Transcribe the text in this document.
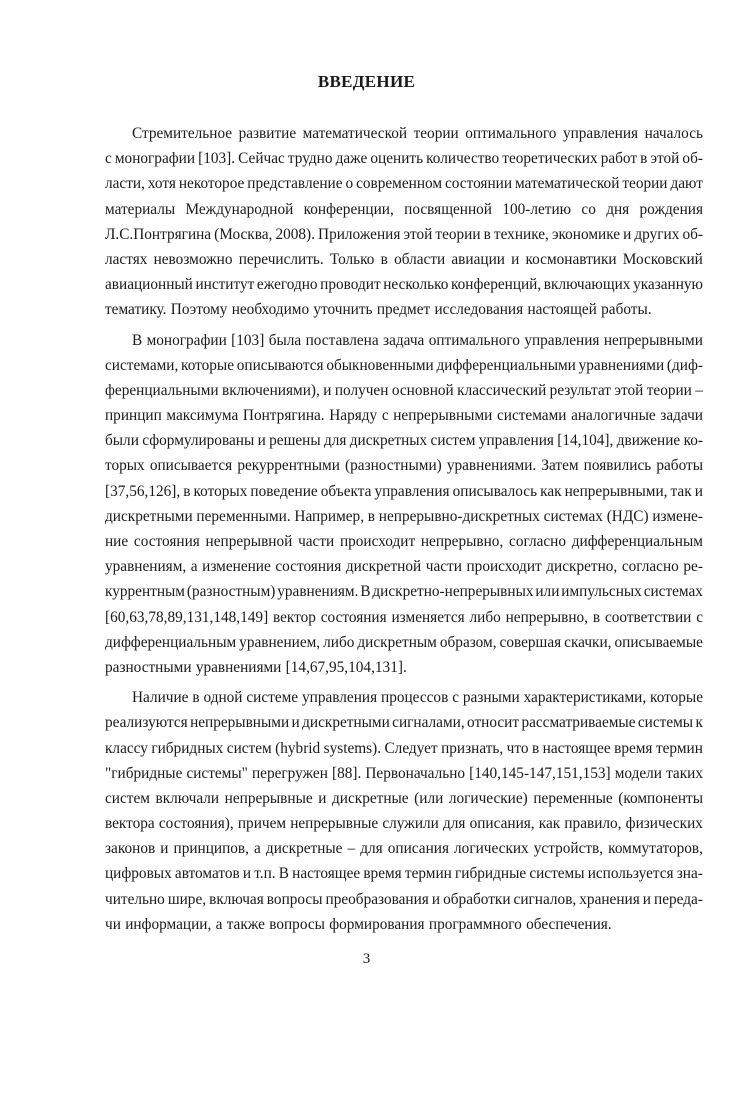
ВВЕДЕНИЕ
Стремительное развитие математической теории оптимального управления началось
с монографии [103]. Сейчас трудно даже оценить количество теоретических работ в этой об-
ласти, хотя некоторое представление о современном состоянии математической теории дают
материалы Международной конференции, посвященной 100-летию со дня рождения
Л.С.Понтрягина (Москва, 2008). Приложения этой теории в технике, экономике и других об-
ластях невозможно перечислить. Только в области авиации и космонавтики Московский
авиационный институт ежегодно проводит несколько конференций, включающих указанную
тематику. Поэтому необходимо уточнить предмет исследования настоящей работы.
В монографии [103] была поставлена задача оптимального управления непрерывными
системами, которые описываются обыкновенными дифференциальными уравнениями (диф-
ференциальными включениями), и получен основной классический результат этой теории –
принцип максимума Понтрягина. Наряду с непрерывными системами аналогичные задачи
были сформулированы и решены для дискретных систем управления [14,104], движение ко-
торых описывается рекуррентными (разностными) уравнениями. Затем появились работы
[37,56,126], в которых поведение объекта управления описывалось как непрерывными, так и
дискретными переменными. Например, в непрерывно-дискретных системах (НДС) измене-
ние состояния непрерывной части происходит непрерывно, согласно дифференциальным
уравнениям, а изменение состояния дискретной части происходит дискретно, согласно ре-
куррентным (разностным) уравнениям. В дискретно-непрерывных или импульсных системах
[60,63,78,89,131,148,149] вектор состояния изменяется либо непрерывно, в соответствии с
дифференциальным уравнением, либо дискретным образом, совершая скачки, описываемые
разностными уравнениями [14,67,95,104,131].
Наличие в одной системе управления процессов с разными характеристиками, которые
реализуются непрерывными и дискретными сигналами, относит рассматриваемые системы к
классу гибридных систем (hybrid systems). Следует признать, что в настоящее время термин
"гибридные системы" перегружен [88]. Первоначально [140,145-147,151,153] модели таких
систем включали непрерывные и дискретные (или логические) переменные (компоненты
вектора состояния), причем непрерывные служили для описания, как правило, физических
законов и принципов, а дискретные – для описания логических устройств, коммутаторов,
цифровых автоматов и т.п. В настоящее время термин гибридные системы используется зна-
чительно шире, включая вопросы преобразования и обработки сигналов, хранения и переда-
чи информации, а также вопросы формирования программного обеспечения.
3
